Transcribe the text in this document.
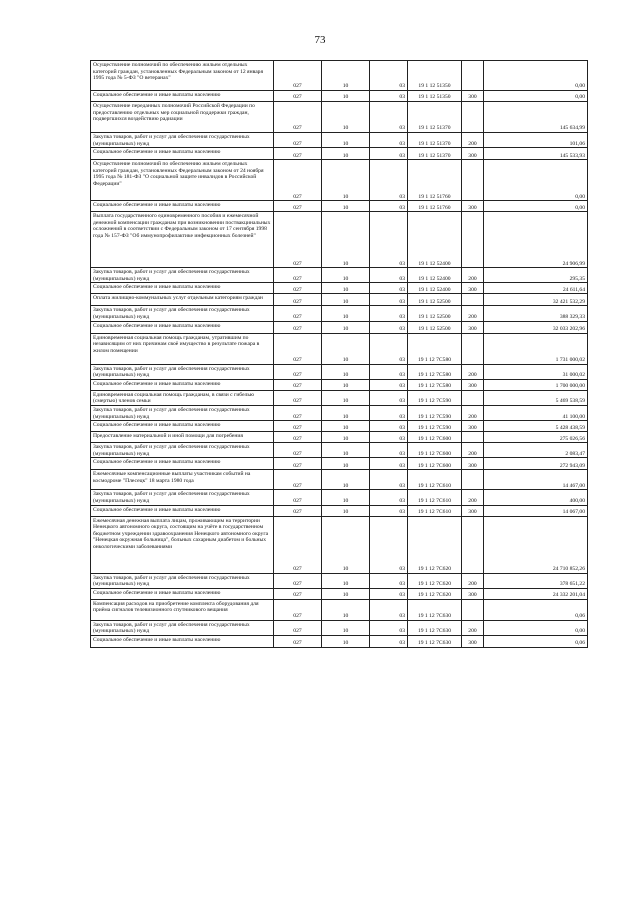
73
Осуществление полномочий по обеспечению жильем отдельных категорий граждан, установленных Федеральным законом от 12 января 1995 года № 5-ФЗ "О ветеранах"	027	10	03	19 1 12 51350		0,00
Социальное обеспечение и иные выплаты населению	027	10	03	19 1 12 51350	300	0,00
Осуществление переданных полномочий Российской Федерации по предоставлению отдельных мер социальной поддержки граждан, подвергшихся воздействию радиации	027	10	03	19 1 12 51370		145 634,99
Закупка товаров, работ и услуг для обеспечения государственных (муниципальных) нужд	027	10	03	19 1 12 51370	200	101,06
Социальное обеспечение и иные выплаты населению	027	10	03	19 1 12 51370	300	145 533,93
Осуществление полномочий по обеспечению жильем отдельных категорий граждан, установленных Федеральным законом от 24 ноября 1995 года № 181-ФЗ "О социальной защите инвалидов в Российской Федерации"	027	10	03	19 1 12 51760		0,00
Социальное обеспечение и иные выплаты населению	027	10	03	19 1 12 51760	300	0,00
Выплата государственного единовременного пособия и ежемесячной денежной компенсации гражданам при возникновении поствакцинальных осложнений в соответствии с Федеральным законом от 17 сентября 1998 года № 157-ФЗ "Об иммунопрофилактике инфекционных болезней"	027	10	03	19 1 12 52400		24 906,99
Закупка товаров, работ и услуг для обеспечения государственных (муниципальных) нужд	027	10	03	19 1 12 52400	200	295,35
Социальное обеспечение и иные выплаты населению	027	10	03	19 1 12 52400	300	24 611,64
Оплата жилищно-коммунальных услуг отдельным категориям граждан	027	10	03	19 1 12 52500		32 421 532,29
Закупка товаров, работ и услуг для обеспечения государственных (муниципальных) нужд	027	10	03	19 1 12 52500	200	388 329,33
Социальное обеспечение и иные выплаты населению	027	10	03	19 1 12 52500	300	32 033 202,96
Единовременная социальная помощь гражданам, утратившим по независящим от них причинам своё имущество в результате пожара в жилом помещении	027	10	03	19 1 12 7С580		1 731 000,02
Закупка товаров, работ и услуг для обеспечения государственных (муниципальных) нужд	027	10	03	19 1 12 7С580	200	31 000,02
Социальное обеспечение и иные выплаты населению	027	10	03	19 1 12 7С580	300	1 700 000,00
Единовременная социальная помощь гражданам, в связи с гибелью (смертью) членов семьи	027	10	03	19 1 12 7С590		5 469 538,59
Закупка товаров, работ и услуг для обеспечения государственных (муниципальных) нужд	027	10	03	19 1 12 7С590	200	41 100,00
Социальное обеспечение и иные выплаты населению	027	10	03	19 1 12 7С590	300	5 428 438,59
Предоставление материальной и иной помощи для погребения	027	10	03	19 1 12 7С600		275 026,56
Закупка товаров, работ и услуг для обеспечения государственных (муниципальных) нужд	027	10	03	19 1 12 7С600	200	2 083,47
Социальное обеспечение и иные выплаты населению	027	10	03	19 1 12 7С600	300	272 943,09
Ежемесячные компенсационные выплаты участникам событий на космодроме "Плесецк" 18 марта 1980 года	027	10	03	19 1 12 7С610		14 467,00
Закупка товаров, работ и услуг для обеспечения государственных (муниципальных) нужд	027	10	03	19 1 12 7С610	200	400,00
Социальное обеспечение и иные выплаты населению	027	10	03	19 1 12 7С610	300	14 067,00
Ежемесячная денежная выплата лицам, проживающим на территории Ненецкого автономного округа, состоящим на учёте в государственном бюджетном учреждении здравоохранения Ненецкого автономного округа "Ненецкая окружная больница", больных сахарным диабетом и больных онкологическими заболеваниями	027	10	03	19 1 12 7С620		24 710 852,26
Закупка товаров, работ и услуг для обеспечения государственных (муниципальных) нужд	027	10	03	19 1 12 7С620	200	378 651,22
Социальное обеспечение и иные выплаты населению	027	10	03	19 1 12 7С620	300	24 332 201,04
Компенсация расходов на приобретение комплекта оборудования для приёма сигналов телевизионного спутникового вещания	027	10	03	19 1 12 7С630		0,06
Закупка товаров, работ и услуг для обеспечения государственных (муниципальных) нужд	027	10	03	19 1 12 7С630	200	0,00
Социальное обеспечение и иные выплаты населению	027	10	03	19 1 12 7С630	300	0,06
